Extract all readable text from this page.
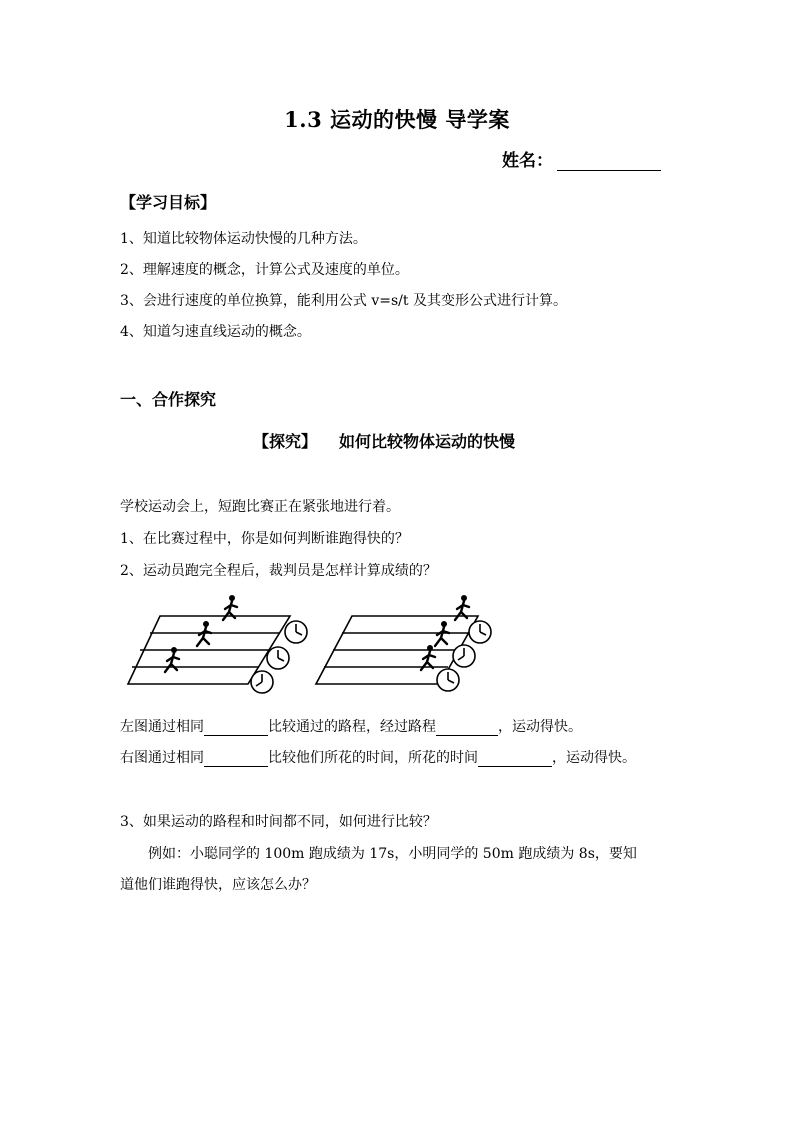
1.3 运动的快慢 导学案
姓名：
【学习目标】
1、知道比较物体运动快慢的几种方法。
2、理解速度的概念，计算公式及速度的单位。
3、会进行速度的单位换算，能利用公式 v=s/t 及其变形公式进行计算。
4、知道匀速直线运动的概念。
一、合作探究
【探究】 如何比较物体运动的快慢
学校运动会上，短跑比赛正在紧张地进行着。
1、在比赛过程中，你是如何判断谁跑得快的？
2、运动员跑完全程后，裁判员是怎样计算成绩的？
左图通过相同	比较通过的路程，经过路程	，运动得快。
右图通过相同	比较他们所花的时间，所花的时间	，运动得快。
3、如果运动的路程和时间都不同，如何进行比较？
例如：小聪同学的 100m 跑成绩为 17s，小明同学的 50m 跑成绩为 8s，要知
道他们谁跑得快，应该怎么办？
